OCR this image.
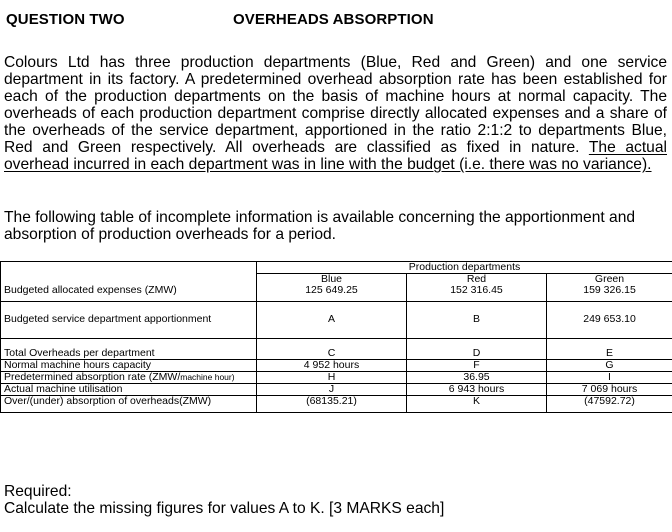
QUESTION TWO	OVERHEADS ABSORPTION
Colours Ltd has three production departments (Blue, Red and Green) and one service department in its factory. A predetermined overhead absorption rate has been established for each of the production departments on the basis of machine hours at normal capacity. The overheads of each production department comprise directly allocated expenses and a share of the overheads of the service department, apportioned in the ratio 2:1:2 to departments Blue, Red and Green respectively. All overheads are classified as fixed in nature. The actual overhead incurred in each department was in line with the budget (i.e. there was no variance).
The following table of incomplete information is available concerning the apportionment and absorption of production overheads for a period.
	Production departments		
	Blue	Red	Green
Budgeted allocated expenses (ZMW)	125 649.25	152 316.45	159 326.15
Budgeted service department apportionment	A	B	249 653.10
Total Overheads per department	C	D	E
Normal machine hours capacity	4 952 hours	F	G
Predetermined absorption rate (ZMW/machine hour)	H	36.95	I
Actual machine utilisation	J	6 943 hours	7 069 hours
Over/(under) absorption of overheads(ZMW)	(68135.21)	K	(47592.72)
Required:
Calculate the missing figures for values A to K. [3 MARKS each]
